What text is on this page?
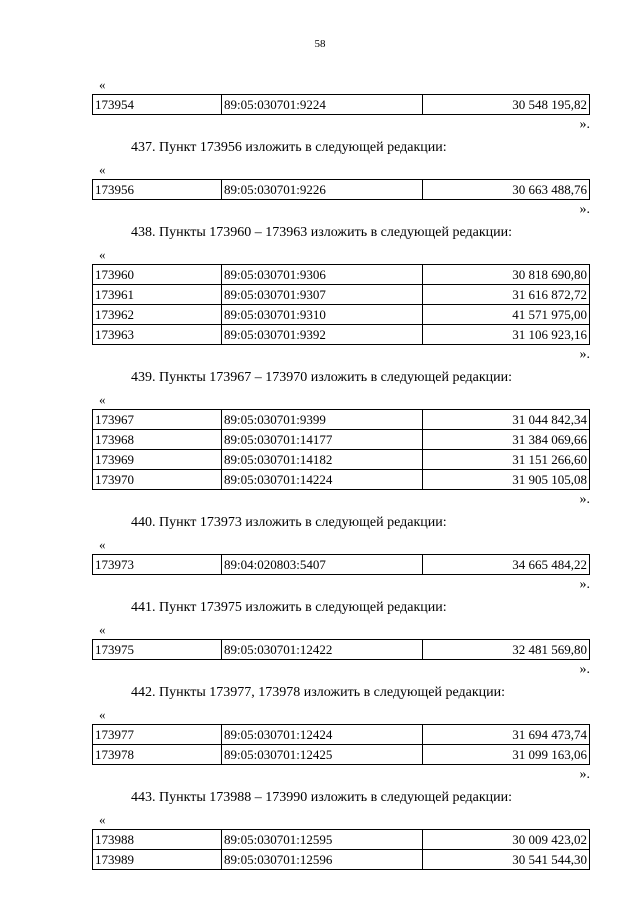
58
«
173954	89:05:030701:9224	30 548 195,82
».
437. Пункт 173956 изложить в следующей редакции:
«
173956	89:05:030701:9226	30 663 488,76
».
438. Пункты 173960 – 173963 изложить в следующей редакции:
«
173960	89:05:030701:9306	30 818 690,80
173961	89:05:030701:9307	31 616 872,72
173962	89:05:030701:9310	41 571 975,00
173963	89:05:030701:9392	31 106 923,16
».
439. Пункты 173967 – 173970 изложить в следующей редакции:
«
173967	89:05:030701:9399	31 044 842,34
173968	89:05:030701:14177	31 384 069,66
173969	89:05:030701:14182	31 151 266,60
173970	89:05:030701:14224	31 905 105,08
».
440. Пункт 173973 изложить в следующей редакции:
«
173973	89:04:020803:5407	34 665 484,22
».
441. Пункт 173975 изложить в следующей редакции:
«
173975	89:05:030701:12422	32 481 569,80
».
442. Пункты 173977, 173978 изложить в следующей редакции:
«
173977	89:05:030701:12424	31 694 473,74
173978	89:05:030701:12425	31 099 163,06
».
443. Пункты 173988 – 173990 изложить в следующей редакции:
«
173988	89:05:030701:12595	30 009 423,02
173989	89:05:030701:12596	30 541 544,30
